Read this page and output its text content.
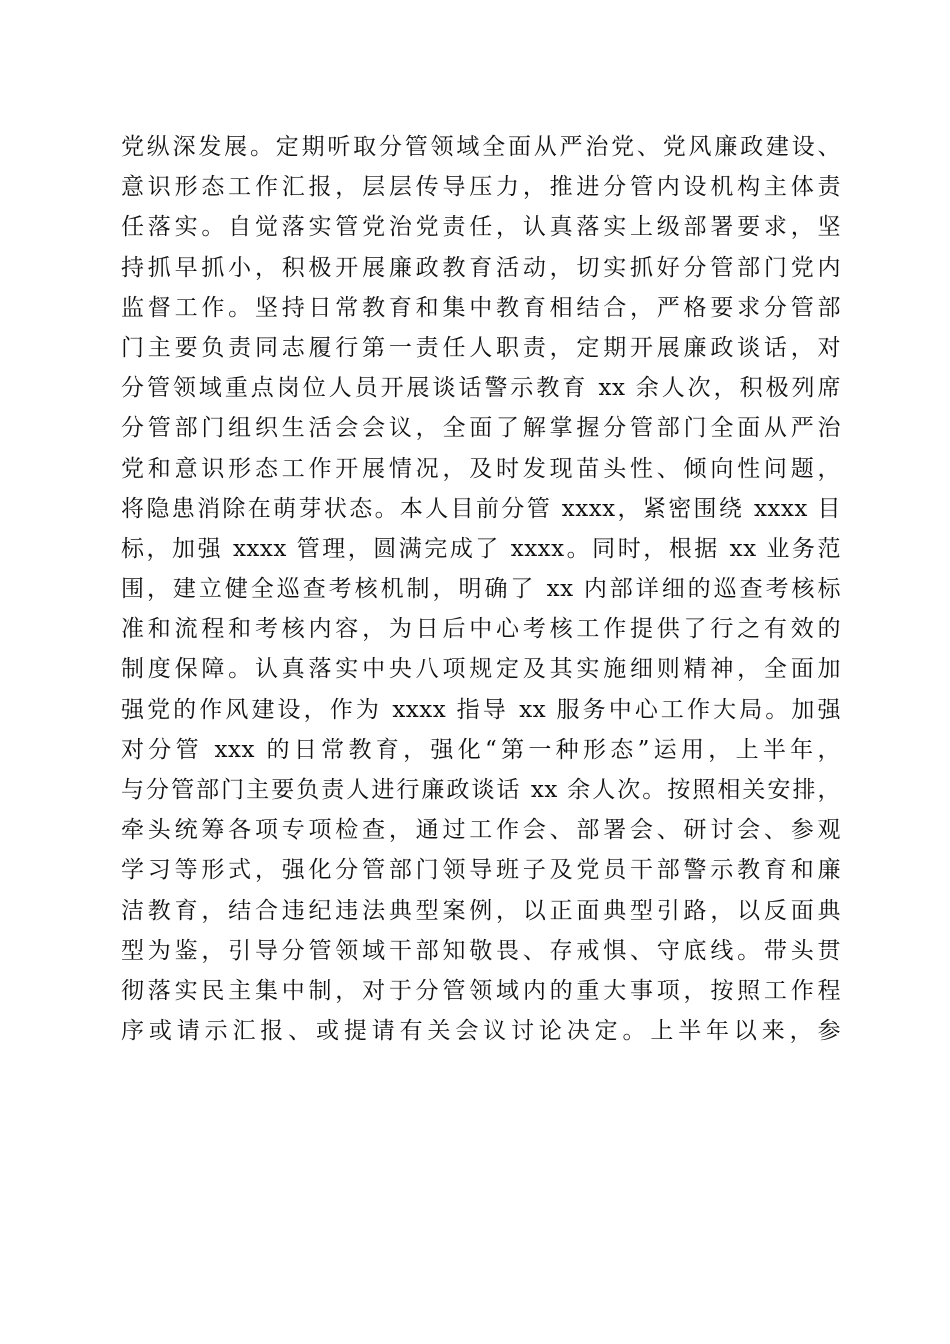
党纵深发展。定期听取分管领域全面从严治党、党风廉政建设、
意识形态工作汇报，层层传导压力，推进分管内设机构主体责
任落实。自觉落实管党治党责任，认真落实上级部署要求，坚
持抓早抓小，积极开展廉政教育活动，切实抓好分管部门党内
监督工作。坚持日常教育和集中教育相结合，严格要求分管部
门主要负责同志履行第一责任人职责，定期开展廉政谈话，对
分管领域重点岗位人员开展谈话警示教育 xx 余人次，积极列席
分管部门组织生活会会议，全面了解掌握分管部门全面从严治
党和意识形态工作开展情况，及时发现苗头性、倾向性问题，
将隐患消除在萌芽状态。本人目前分管 xxxx，紧密围绕 xxxx 目
标，加强 xxxx 管理，圆满完成了 xxxx。同时，根据 xx 业务范
围，建立健全巡查考核机制，明确了 xx 内部详细的巡查考核标
准和流程和考核内容，为日后中心考核工作提供了行之有效的
制度保障。认真落实中央八项规定及其实施细则精神，全面加
强党的作风建设，作为 xxxx 指导 xx 服务中心工作大局。加强
对分管 xxx 的日常教育，强化“第一种形态”运用，上半年，
与分管部门主要负责人进行廉政谈话 xx 余人次。按照相关安排，
牵头统筹各项专项检查，通过工作会、部署会、研讨会、参观
学习等形式，强化分管部门领导班子及党员干部警示教育和廉
洁教育，结合违纪违法典型案例，以正面典型引路，以反面典
型为鉴，引导分管领域干部知敬畏、存戒惧、守底线。带头贯
彻落实民主集中制，对于分管领域内的重大事项，按照工作程
序或请示汇报、或提请有关会议讨论决定。上半年以来，参
